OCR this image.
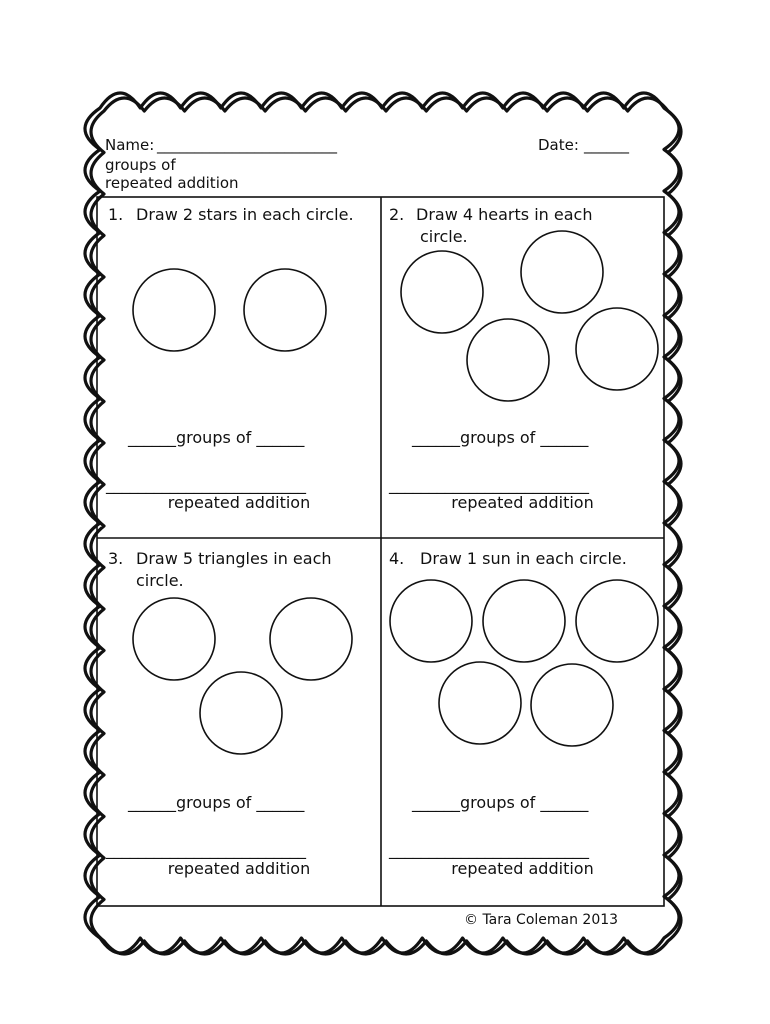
Name: ________________________	Date: ______
groups of
repeated addition
1. Draw 2 stars in each circle.
______groups of ______
_________________________
repeated addition
2. Draw 4 hearts in each
circle.
______groups of ______
_________________________
repeated addition
3. Draw 5 triangles in each
circle.
______groups of ______
_________________________
repeated addition
4. Draw 1 sun in each circle.
______groups of ______
_________________________
repeated addition
© Tara Coleman 2013
